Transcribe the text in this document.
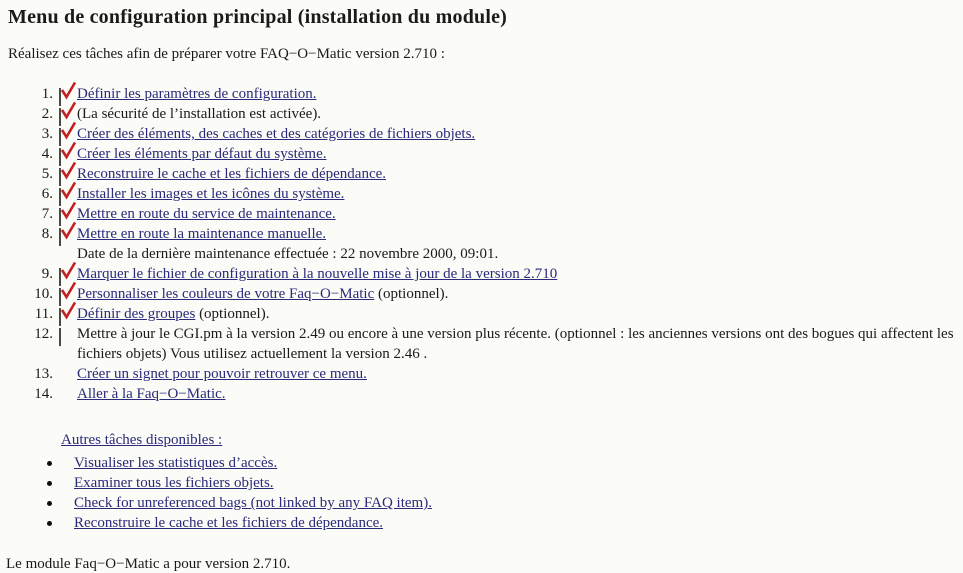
Menu de configuration principal (installation du module)
Réalisez ces tâches afin de préparer votre FAQ−O−Matic version 2.710 :
1. Définir les paramètres de configuration.
2. (La sécurité de l’installation est activée).
3. Créer des éléments, des caches et des catégories de fichiers objets.
4. Créer les éléments par défaut du système.
5. Reconstruire le cache et les fichiers de dépendance.
6. Installer les images et les icônes du système.
7. Mettre en route du service de maintenance.
8. Mettre en route la maintenance manuelle.
Date de la dernière maintenance effectuée : 22 novembre 2000, 09:01.
9. Marquer le fichier de configuration à la nouvelle mise à jour de la version 2.710
10. Personnaliser les couleurs de votre Faq−O−Matic (optionnel).
11. Définir des groupes (optionnel).
12. Mettre à jour le CGI.pm à la version 2.49 ou encore à une version plus récente. (optionnel : les anciennes versions ont des bogues qui affectent les fichiers objets) Vous utilisez actuellement la version 2.46 .
13. Créer un signet pour pouvoir retrouver ce menu.
14. Aller à la Faq−O−Matic.
Autres tâches disponibles :
Visualiser les statistiques d’accès.
Examiner tous les fichiers objets.
Check for unreferenced bags (not linked by any FAQ item).
Reconstruire le cache et les fichiers de dépendance.
Le module Faq−O−Matic a pour version 2.710.
